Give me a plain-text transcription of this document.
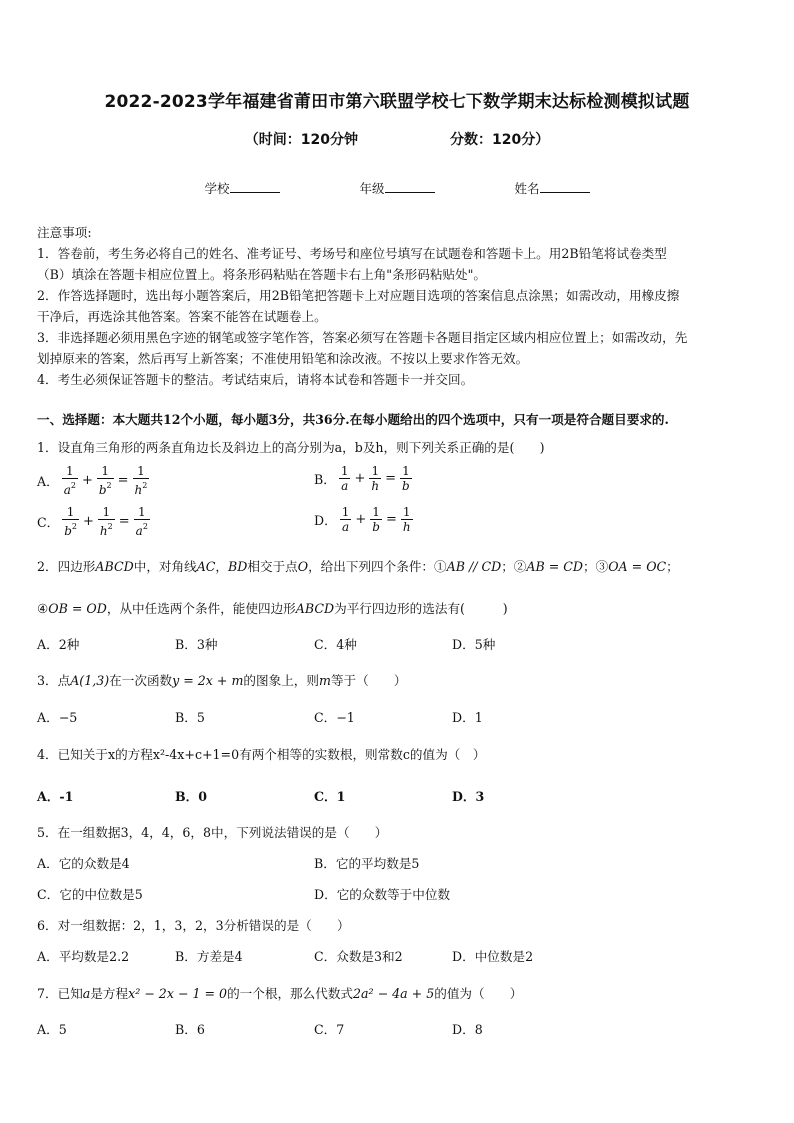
2022-2023学年福建省莆田市第六联盟学校七下数学期末达标检测模拟试题
（时间：120分钟	分数：120分）
学校	年级	姓名

注意事项:

1．答卷前，考生务必将自己的姓名、准考证号、考场号和座位号填写在试题卷和答题卡上。用2B铅笔将试卷类型

（B）填涂在答题卡相应位置上。将条形码粘贴在答题卡右上角"条形码粘贴处"。

2．作答选择题时，选出每小题答案后，用2B铅笔把答题卡上对应题目选项的答案信息点涂黑；如需改动，用橡皮擦

干净后，再选涂其他答案。答案不能答在试题卷上。

3．非选择题必须用黑色字迹的钢笔或签字笔作答，答案必须写在答题卡各题目指定区域内相应位置上；如需改动，先

划掉原来的答案，然后再写上新答案；不准使用铅笔和涂改液。不按以上要求作答无效。

4．考生必须保证答题卡的整洁。考试结束后，请将本试卷和答题卡一并交回。

一、选择题：本大题共12个小题，每小题3分，共36分.在每小题给出的四个选项中，只有一项是符合题目要求的.
1．设直角三角形的两条直角边长及斜边上的高分别为a，b及h，则下列关系正确的是(　　)
A．
1
$a^2 + \frac{1}{b^2} = \frac{1}{h^2}$	B．
1
$a + \frac{1}{h} = \frac{1}{b}$
C．
1
$b^2 + \frac{1}{h^2} = \frac{1}{a^2}$	D．
1
$a + \frac{1}{b} = \frac{1}{h}$
2．四边形ABCD中，对角线AC，BD相交于点O，给出下列四个条件：①AB // CD；②AB = CD；③OA = OC；
④OB = OD，从中任选两个条件，能使四边形ABCD为平行四边形的选法有(　　　)
A．2种	B．3种	C．4种	D．5种
3．点A(1,3)在一次函数y = 2x + m的图象上，则m等于（　　）
A．−5	B．5	C．−1	D．1
4．已知关于x的方程x²-4x+c+1=0有两个相等的实数根，则常数c的值为（　）
A．-1	B．0	C．1	D．3
5．在一组数据3，4，4，6，8中，下列说法错误的是（　　）
A．它的众数是4	B．它的平均数是5
C．它的中位数是5	D．它的众数等于中位数
6．对一组数据：2，1，3，2，3分析错误的是（　　）
A．平均数是2.2	B．方差是4	C．众数是3和2	D．中位数是2
7．已知a是方程x² − 2x − 1 = 0的一个根，那么代数式2a² − 4a + 5的值为（　　）
A．5	B．6	C．7	D．8
